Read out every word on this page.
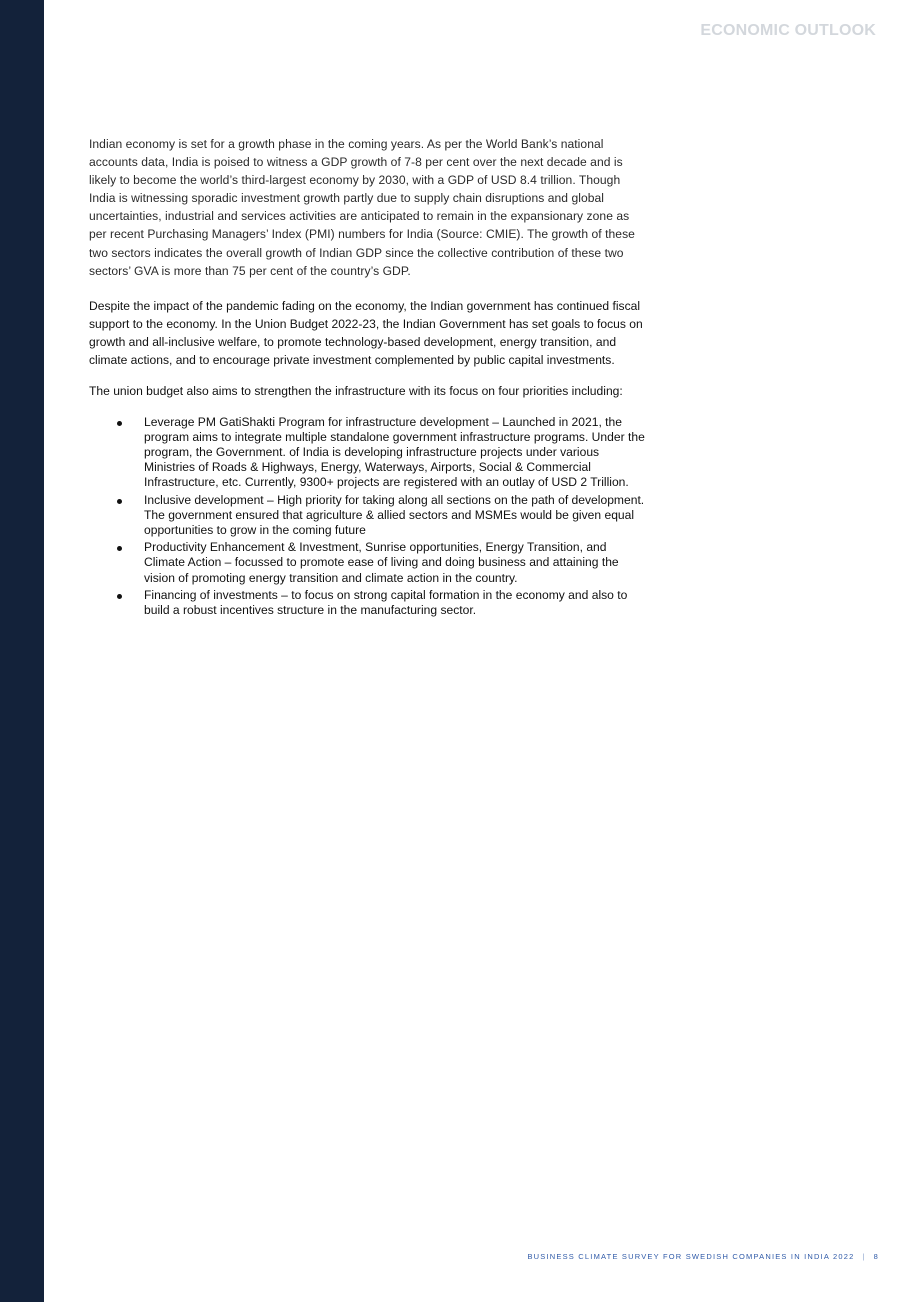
ECONOMIC OUTLOOK

Indian economy is set for a growth phase in the coming years. As per the World Bank’s national accounts data, India is poised to witness a GDP growth of 7-8 per cent over the next decade and is likely to become the world’s third-largest economy by 2030, with a GDP of USD 8.4 trillion. Though India is witnessing sporadic investment growth partly due to supply chain disruptions and global uncertainties, industrial and services activities are anticipated to remain in the expansionary zone as per recent Purchasing Managers’ Index (PMI) numbers for India (Source: CMIE). The growth of these two sectors indicates the overall growth of Indian GDP since the collective contribution of these two sectors’ GVA is more than 75 per cent of the country’s GDP.

Despite the impact of the pandemic fading on the economy, the Indian government has continued fiscal support to the economy. In the Union Budget 2022-23, the Indian Government has set goals to focus on growth and all-inclusive welfare, to promote technology-based development, energy transition, and climate actions, and to encourage private investment complemented by public capital investments.

The union budget also aims to strengthen the infrastructure with its focus on four priorities including:

Leverage PM GatiShakti Program for infrastructure development – Launched in 2021, the program aims to integrate multiple standalone government infrastructure programs. Under the program, the Government. of India is developing infrastructure projects under various Ministries of Roads & Highways, Energy, Waterways, Airports, Social & Commercial Infrastructure, etc. Currently, 9300+ projects are registered with an outlay of USD 2 Trillion.
Inclusive development – High priority for taking along all sections on the path of development. The government ensured that agriculture & allied sectors and MSMEs would be given equal opportunities to grow in the coming future
Productivity Enhancement & Investment, Sunrise opportunities, Energy Transition, and Climate Action – focussed to promote ease of living and doing business and attaining the vision of promoting energy transition and climate action in the country.
Financing of investments – to focus on strong capital formation in the economy and also to build a robust incentives structure in the manufacturing sector.
BUSINESS CLIMATE SURVEY FOR SWEDISH COMPANIES IN INDIA 2022 | 8
